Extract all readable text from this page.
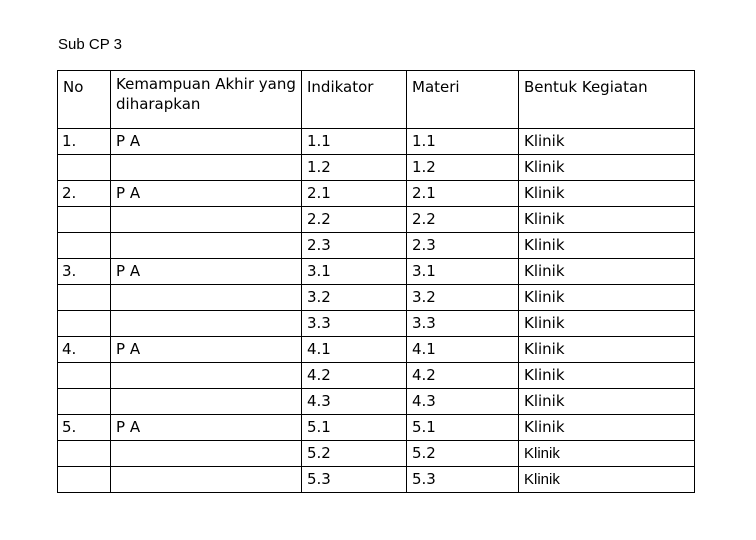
Sub CP 3
No	Kemampuan Akhir yang diharapkan	Indikator	Materi	Bentuk Kegiatan
1.	P A	1.1	1.1	Klinik
		1.2	1.2	Klinik
2.	P A	2.1	2.1	Klinik
		2.2	2.2	Klinik
		2.3	2.3	Klinik
3.	P A	3.1	3.1	Klinik
		3.2	3.2	Klinik
		3.3	3.3	Klinik
4.	P A	4.1	4.1	Klinik
		4.2	4.2	Klinik
		4.3	4.3	Klinik
5.	P A	5.1	5.1	Klinik
		5.2	5.2	Klinik
		5.3	5.3	Klinik
